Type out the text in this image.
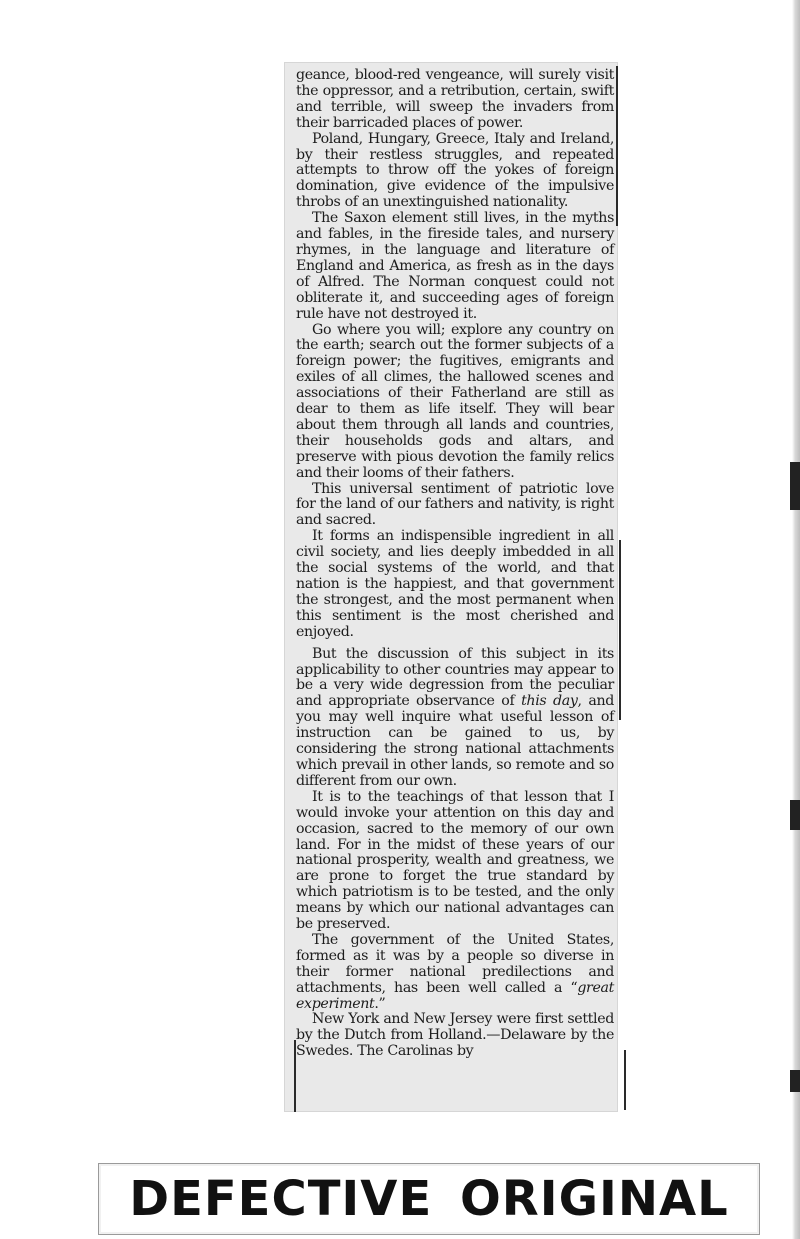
geance, blood-red vengeance, will surely visit the oppressor, and a retribution, certain, swift and terrible, will sweep the invaders from their barricaded places of power.

Poland, Hungary, Greece, Italy and Ireland, by their restless struggles, and repeated attempts to throw off the yokes of foreign domination, give evidence of the impulsive throbs of an unextinguished nationality.

The Saxon element still lives, in the myths and fables, in the fireside tales, and nursery rhymes, in the language and literature of England and America, as fresh as in the days of Alfred. The Norman conquest could not obliterate it, and succeeding ages of foreign rule have not destroyed it.

Go where you will; explore any country on the earth; search out the former subjects of a foreign power; the fugitives, emigrants and exiles of all climes, the hallowed scenes and associations of their Fatherland are still as dear to them as life itself. They will bear about them through all lands and countries, their households gods and altars, and preserve with pious devotion the family relics and their looms of their fathers.

This universal sentiment of patriotic love for the land of our fathers and nativity, is right and sacred.

It forms an indispensible ingredient in all civil society, and lies deeply imbedded in all the social systems of the world, and that nation is the happiest, and that government the strongest, and the most permanent when this sentiment is the most cherished and enjoyed.

But the discussion of this subject in its applicability to other countries may appear to be a very wide degression from the peculiar and appropriate observance of this day, and you may well inquire what useful lesson of instruction can be gained to us, by considering the strong national attachments which prevail in other lands, so remote and so different from our own.

It is to the teachings of that lesson that I would invoke your attention on this day and occasion, sacred to the memory of our own land. For in the midst of these years of our national prosperity, wealth and greatness, we are prone to forget the true standard by which patriotism is to be tested, and the only means by which our national advantages can be preserved.

The government of the United States, formed as it was by a people so diverse in their former national predilections and attachments, has been well called a “great experiment.”

New York and New Jersey were first settled by the Dutch from Holland.—Delaware by the Swedes. The Carolinas by

DEFECTIVE ORIGINAL
